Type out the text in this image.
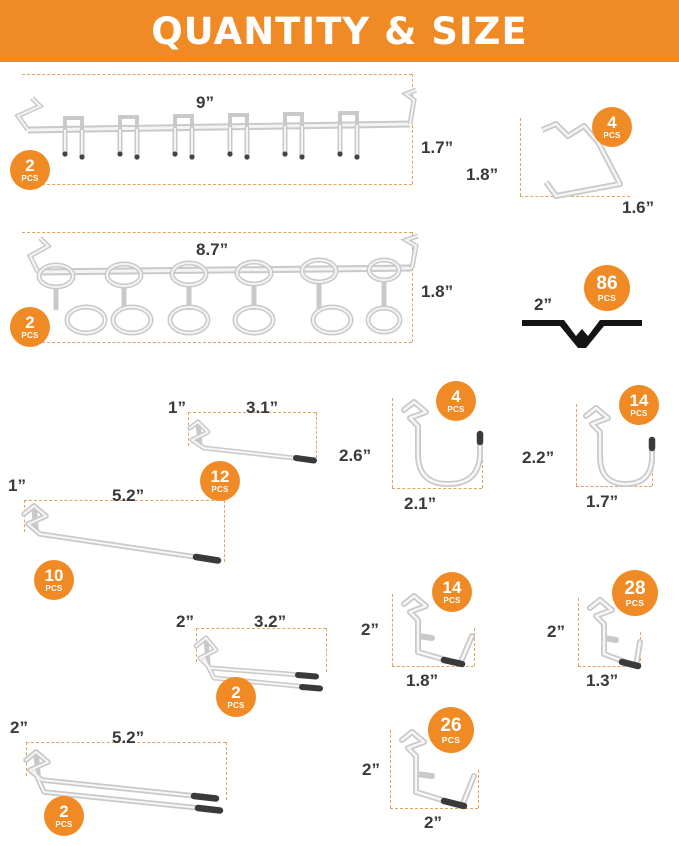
QUANTITY & SIZE
9”
1.7”
2
PCS	1.8”
1.6”
4
PCS
8.7”
1.8”
2
PCS
2”
86
PCS
1”	3.1”
12
PCS
2.6”
2.1”
4
PCS
2.2”
1.7”
14
PCS
1”
5.2”
10
PCS
2”
1.8”
14
PCS
2”
1.3”
28
PCS
2”	3.2”
2
PCS
2”
2”
26
PCS
2”
5.2”
2
PCS
